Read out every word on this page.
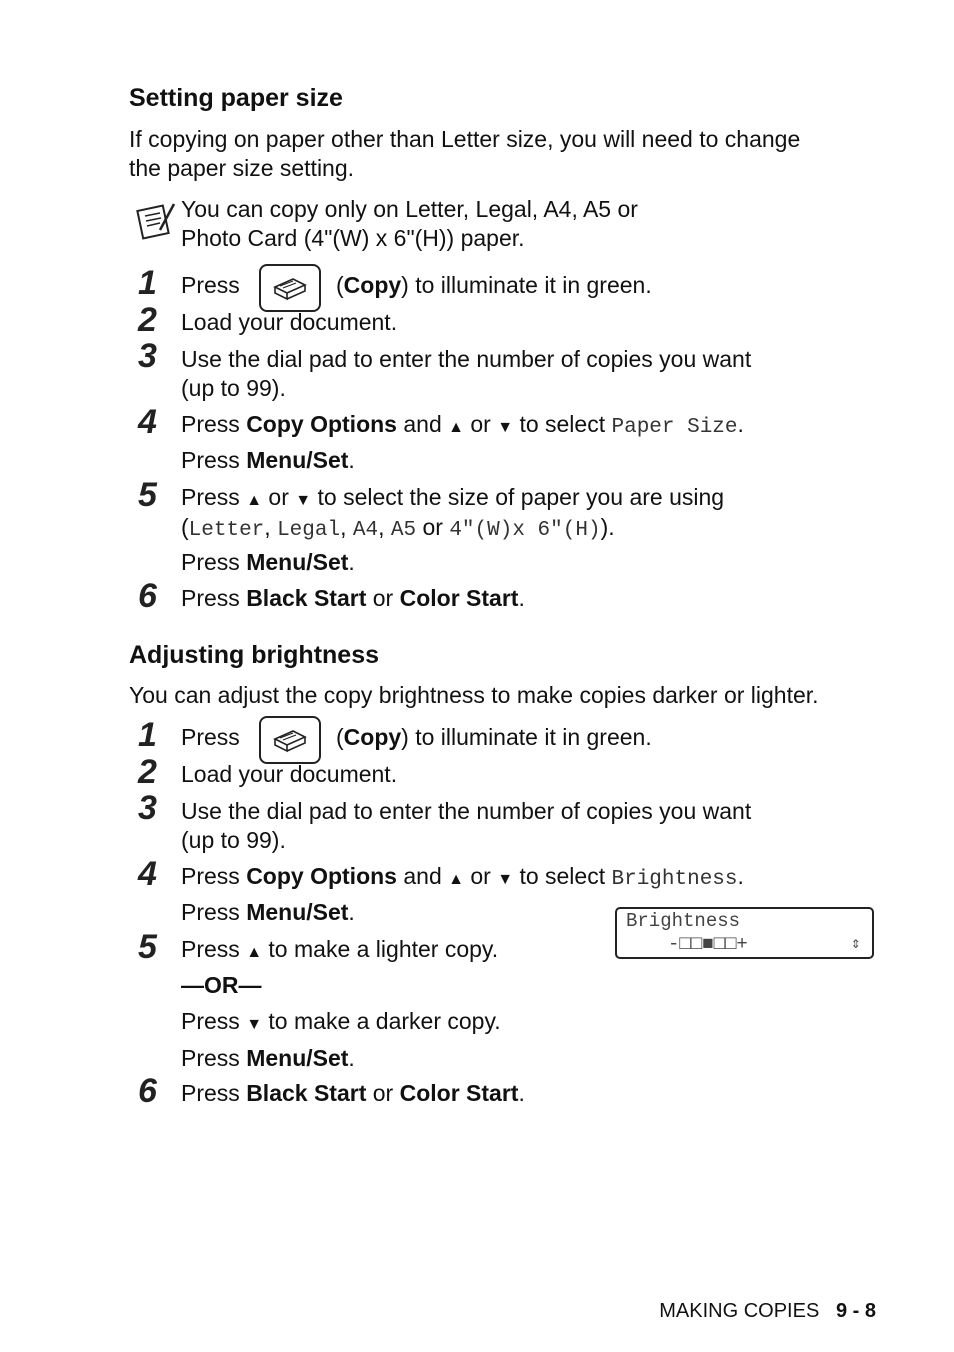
Setting paper size

If copying on paper other than Letter size, you will need to change
the paper size setting.

You can copy only on Letter, Legal, A4, A5 or
Photo Card (4"(W) x 6"(H)) paper.
1	Press	(Copy) to illuminate it in green.
2	Load your document.
3	Use the dial pad to enter the number of copies you want
(up to 99).
4	Press Copy Options and ▲ or ▼ to select Paper Size.
Press Menu/Set.
5	Press ▲ or ▼ to select the size of paper you are using
(Letter, Legal, A4, A5 or 4"(W)x 6"(H)).
Press Menu/Set.
6	Press Black Start or Color Start.
Adjusting brightness

You can adjust the copy brightness to make copies darker or lighter.

1	Press	(Copy) to illuminate it in green.
2	Load your document.
3	Use the dial pad to enter the number of copies you want
(up to 99).
4	Press Copy Options and ▲ or ▼ to select Brightness.
Press Menu/Set.	Brightness
-□□■□□+	⇕
5	Press ▲ to make a lighter copy.
—OR—
Press ▼ to make a darker copy.
Press Menu/Set.
6	Press Black Start or Color Start.
MAKING COPIES 9 - 8
